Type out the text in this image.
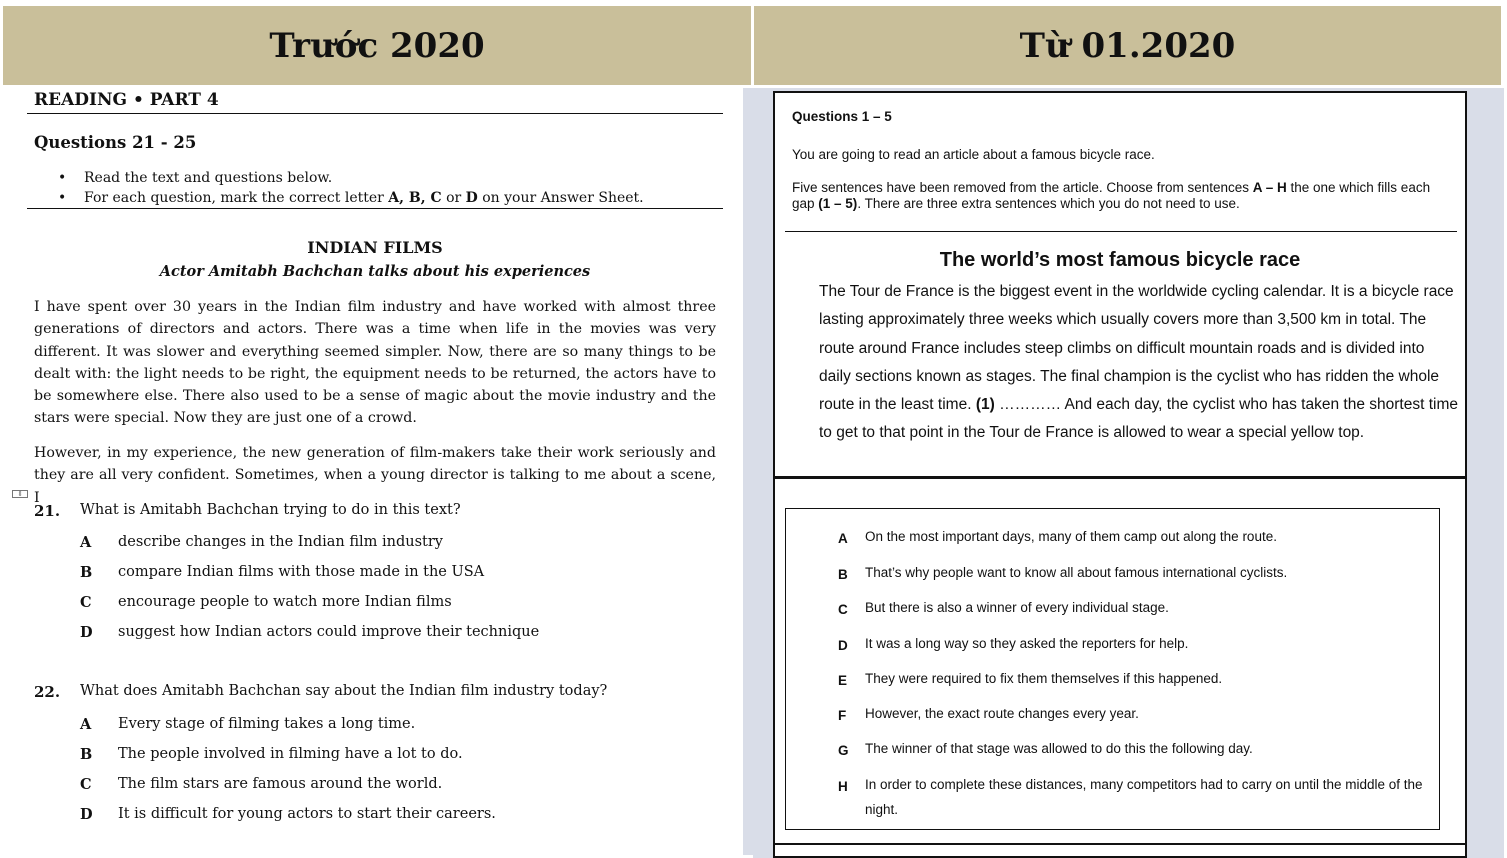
Trước 2020	Từ 01.2020
READING • PART 4
Questions 21 - 25
• Read the text and questions below.
• For each question, mark the correct letter A, B, C or D on your Answer Sheet.
INDIAN FILMS
Actor Amitabh Bachchan talks about his experiences
I have spent over 30 years in the Indian film industry and have worked with almost three generations of directors and actors. There was a time when life in the movies was very different. It was slower and everything seemed simpler. Now, there are so many things to be dealt with: the light needs to be right, the equipment needs to be returned, the actors have to be somewhere else. There also used to be a sense of magic about the movie industry and the stars were special. Now they are just one of a crowd.
However, in my experience, the new generation of film-makers take their work seriously and they are all very confident. Sometimes, when a young director is talking to me about a scene, I
⇕
21. What is Amitabh Bachchan trying to do in this text?
A describe changes in the Indian film industry
B compare Indian films with those made in the USA
C encourage people to watch more Indian films
D suggest how Indian actors could improve their technique
22. What does Amitabh Bachchan say about the Indian film industry today?
A Every stage of filming takes a long time.
B The people involved in filming have a lot to do.
C The film stars are famous around the world.
D It is difficult for young actors to start their careers.
Questions 1 – 5
You are going to read an article about a famous bicycle race.
Five sentences have been removed from the article. Choose from sentences A – H the one which fills each gap (1 – 5). There are three extra sentences which you do not need to use.
The world’s most famous bicycle race
The Tour de France is the biggest event in the worldwide cycling calendar. It is a bicycle race lasting approximately three weeks which usually covers more than 3,500 km in total. The route around France includes steep climbs on difficult mountain roads and is divided into daily sections known as stages. The final champion is the cyclist who has ridden the whole route in the least time. (1) ………… And each day, the cyclist who has taken the shortest time to get to that point in the Tour de France is allowed to wear a special yellow top.
A On the most important days, many of them camp out along the route.
B That’s why people want to know all about famous international cyclists.
C But there is also a winner of every individual stage.
D It was a long way so they asked the reporters for help.
E They were required to fix them themselves if this happened.
F However, the exact route changes every year.
G The winner of that stage was allowed to do this the following day.
H In order to complete these distances, many competitors had to carry on until the middle of the night.
